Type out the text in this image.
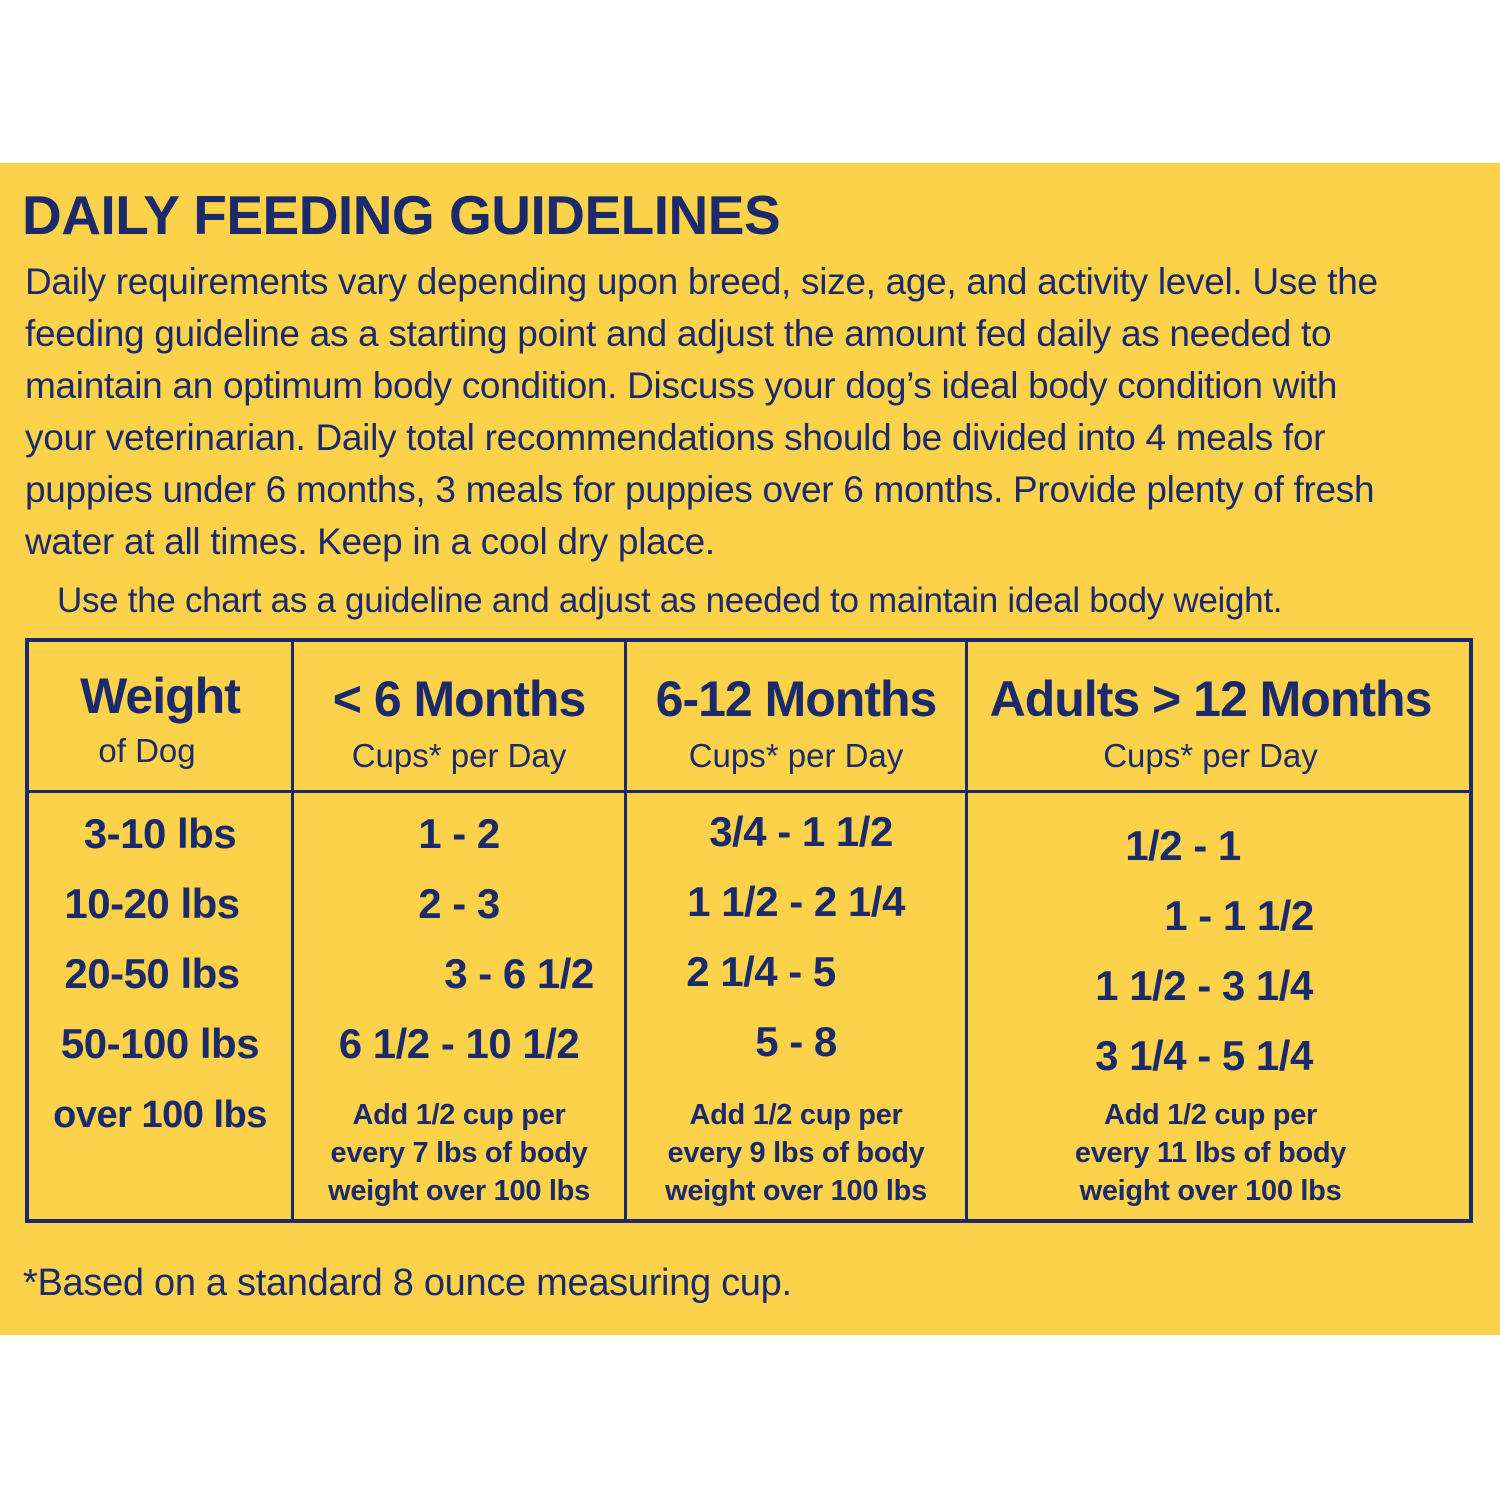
DAILY FEEDING GUIDELINES
Daily requirements vary depending upon breed, size, age, and activity level. Use the
feeding guideline as a starting point and adjust the amount fed daily as needed to
maintain an optimum body condition. Discuss your dog’s ideal body condition with
your veterinarian. Daily total recommendations should be divided into 4 meals for
puppies under 6 months, 3 meals for puppies over 6 months. Provide plenty of fresh
water at all times. Keep in a cool dry place.
Use the chart as a guideline and adjust as needed to maintain ideal body weight.
Weight
of Dog
< 6 Months
Cups* per Day
6-12 Months
Cups* per Day
Adults > 12 Months
Cups* per Day
3-10 lbs
10-20 lbs
20-50 lbs
50-100 lbs
over 100 lbs
1 - 2
2 - 3
3 - 6 1/2
6 1/2 - 10 1/2
Add 1/2 cup per
every 7 lbs of body
weight over 100 lbs
3/4 - 1 1/2
1 1/2 - 2 1/4
2 1/4 - 5
5 - 8
Add 1/2 cup per
every 9 lbs of body
weight over 100 lbs
1/2 - 1
1 - 1 1/2
1 1/2 - 3 1/4
3 1/4 - 5 1/4
Add 1/2 cup per
every 11 lbs of body
weight over 100 lbs
*Based on a standard 8 ounce measuring cup.
